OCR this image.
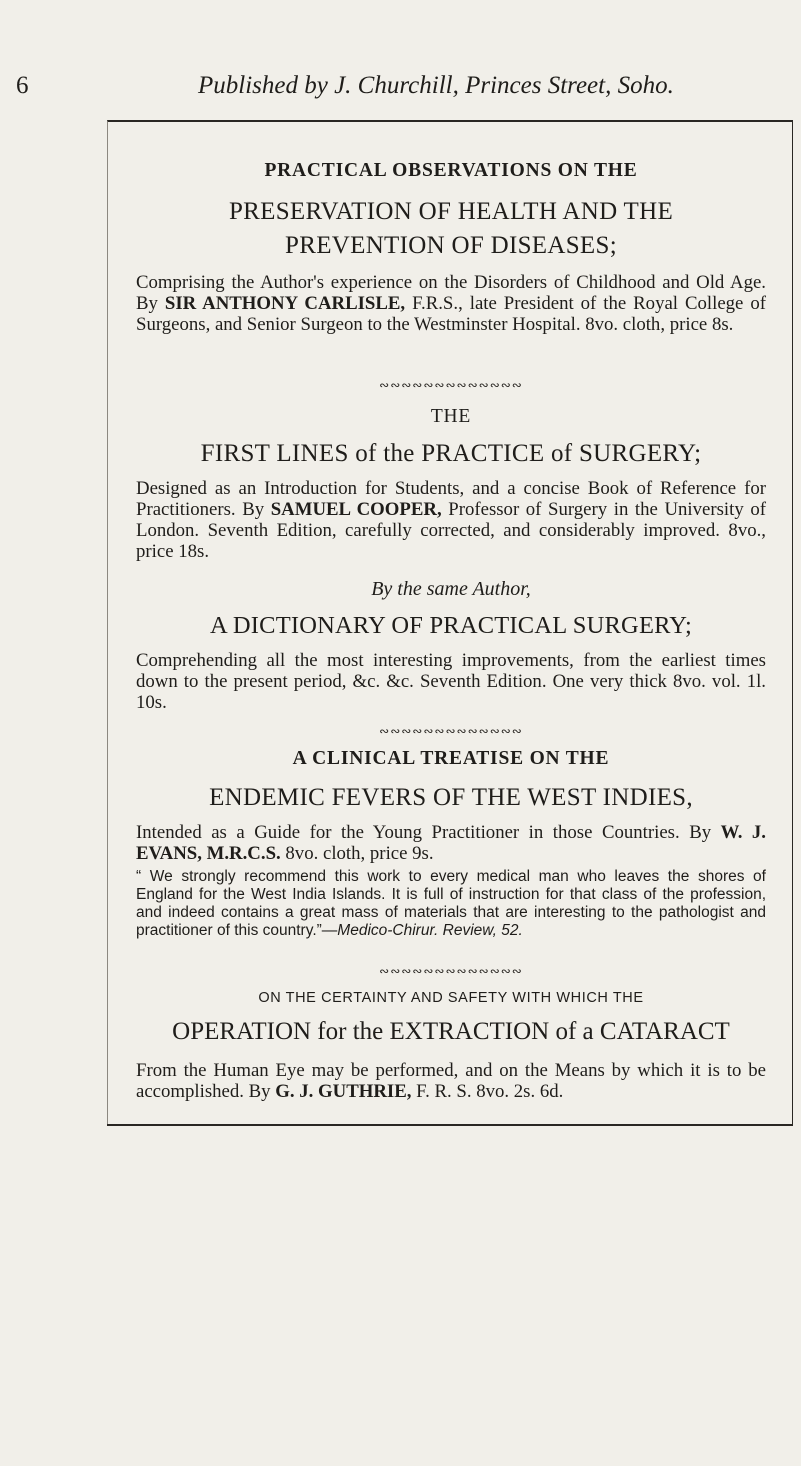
6	Published by J. Churchill, Princes Street, Soho.
PRACTICAL OBSERVATIONS ON THE
PRESERVATION OF HEALTH AND THE
PREVENTION OF DISEASES;
Comprising the Author's experience on the Disorders of Childhood and Old Age. By SIR ANTHONY CARLISLE, F.R.S., late President of the Royal College of Surgeons, and Senior Surgeon to the Westminster Hospital. 8vo. cloth, price 8s.
∾∾∾∾∾∾∾∾∾∾∾∾∾
THE
FIRST LINES of the PRACTICE of SURGERY;
Designed as an Introduction for Students, and a concise Book of Reference for Practitioners. By SAMUEL COOPER, Professor of Surgery in the University of London. Seventh Edition, carefully corrected, and considerably improved. 8vo., price 18s.
By the same Author,
A DICTIONARY OF PRACTICAL SURGERY;
Comprehending all the most interesting improvements, from the earliest times down to the present period, &c. &c. Seventh Edition. One very thick 8vo. vol. 1l. 10s.
∾∾∾∾∾∾∾∾∾∾∾∾∾
A CLINICAL TREATISE ON THE
ENDEMIC FEVERS OF THE WEST INDIES,
Intended as a Guide for the Young Practitioner in those Countries. By W. J. EVANS, M.R.C.S. 8vo. cloth, price 9s.
“ We strongly recommend this work to every medical man who leaves the shores of England for the West India Islands. It is full of instruction for that class of the profession, and indeed contains a great mass of materials that are interesting to the pathologist and practitioner of this country.”—Medico-Chirur. Review, 52.
∾∾∾∾∾∾∾∾∾∾∾∾∾
ON THE CERTAINTY AND SAFETY WITH WHICH THE
OPERATION for the EXTRACTION of a CATARACT
From the Human Eye may be performed, and on the Means by which it is to be accomplished. By G. J. GUTHRIE, F. R. S. 8vo. 2s. 6d.
